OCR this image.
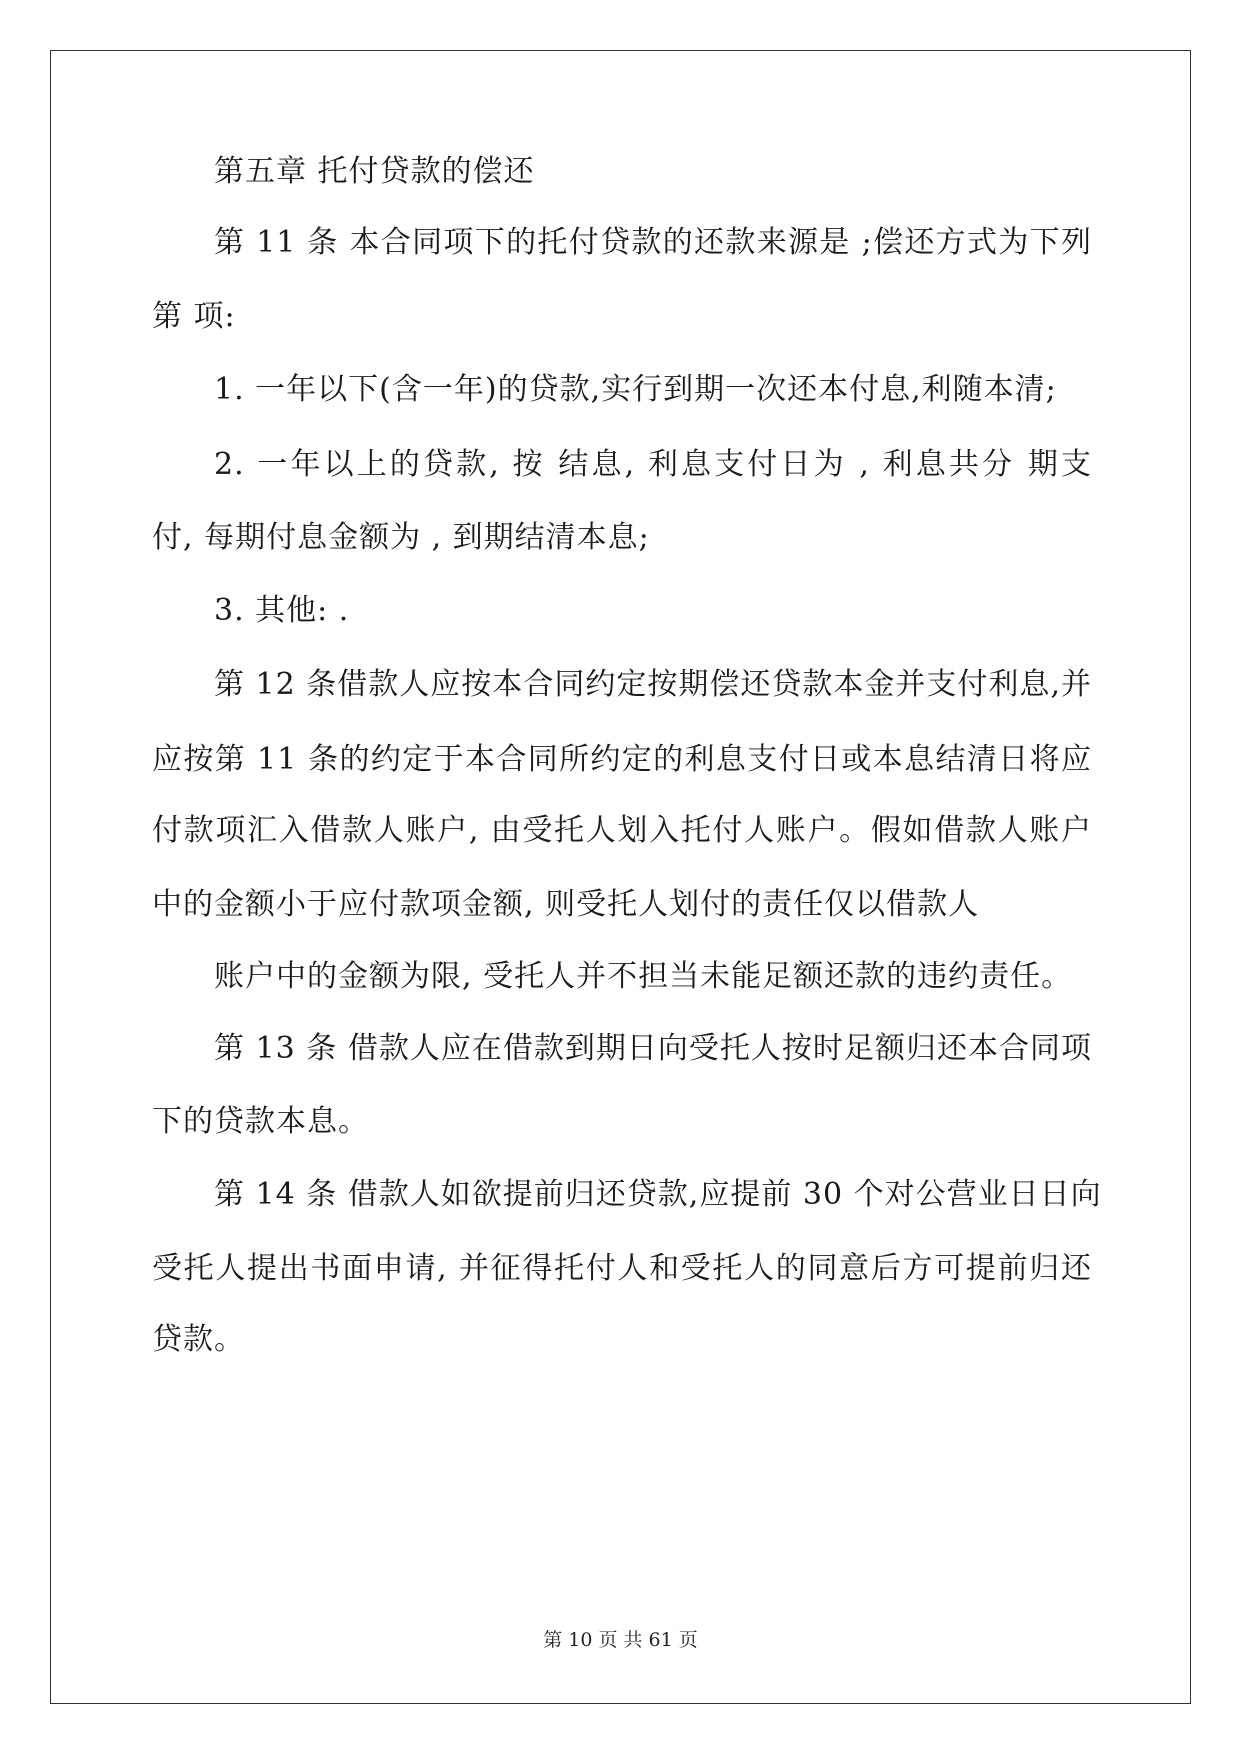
第五章 托付贷款的偿还
第 11 条 本合同项下的托付贷款的还款来源是 ;偿还方式为下列
第 项:
1. 一年以下(含一年)的贷款,实行到期一次还本付息,利随本清;
2. 一年以上的贷款, 按 结息, 利息支付日为 , 利息共分 期支
付, 每期付息金额为 , 到期结清本息;
3. 其他: .
第 12 条借款人应按本合同约定按期偿还贷款本金并支付利息,并
应按第 11 条的约定于本合同所约定的利息支付日或本息结清日将应
付款项汇入借款人账户, 由受托人划入托付人账户。假如借款人账户
中的金额小于应付款项金额, 则受托人划付的责任仅以借款人
账户中的金额为限, 受托人并不担当未能足额还款的违约责任。
第 13 条 借款人应在借款到期日向受托人按时足额归还本合同项
下的贷款本息。
第 14 条 借款人如欲提前归还贷款,应提前 30 个对公营业日日向
受托人提出书面申请, 并征得托付人和受托人的同意后方可提前归还
贷款。
第 10 页 共 61 页
